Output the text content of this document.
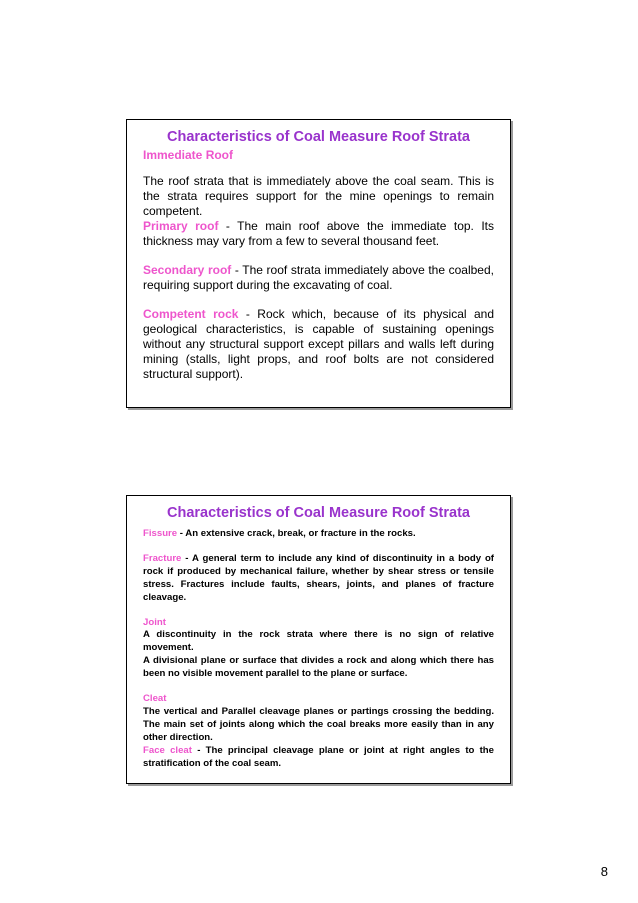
Characteristics of Coal Measure Roof Strata

Immediate Roof
The roof strata that is immediately above the coal seam. This is the strata requires support for the mine openings to remain competent.

Primary roof - The main roof above the immediate top. Its thickness may vary from a few to several thousand feet.

Secondary roof - The roof strata immediately above the coalbed, requiring support during the excavating of coal.

Competent rock - Rock which, because of its physical and geological characteristics, is capable of sustaining openings without any structural support except pillars and walls left during mining (stalls, light props, and roof bolts are not considered structural support).

Characteristics of Coal Measure Roof Strata

Fissure - An extensive crack, break, or fracture in the rocks.

Fracture - A general term to include any kind of discontinuity in a body of rock if produced by mechanical failure, whether by shear stress or tensile stress. Fractures include faults, shears, joints, and planes of fracture cleavage.

Joint
A discontinuity in the rock strata where there is no sign of relative movement.
A divisional plane or surface that divides a rock and along which there has been no visible movement parallel to the plane or surface.

Cleat
The vertical and Parallel cleavage planes or partings crossing the bedding. The main set of joints along which the coal breaks more easily than in any other direction.

Face cleat - The principal cleavage plane or joint at right angles to the stratification of the coal seam.

8
